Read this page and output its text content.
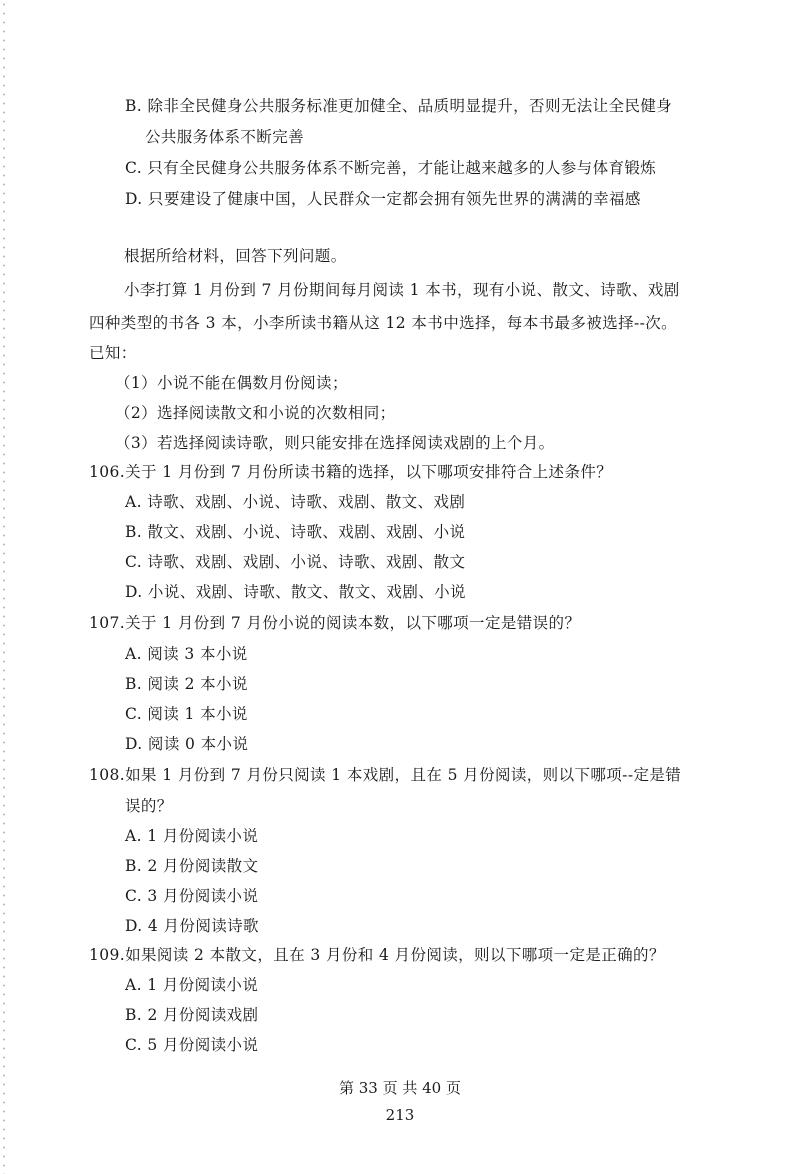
B. 除非全民健身公共服务标准更加健全、品质明显提升，否则无法让全民健身
公共服务体系不断完善
C. 只有全民健身公共服务体系不断完善，才能让越来越多的人参与体育锻炼
D. 只要建设了健康中国，人民群众一定都会拥有领先世界的满满的幸福感
根据所给材料，回答下列问题。
小李打算 1 月份到 7 月份期间每月阅读 1 本书，现有小说、散文、诗歌、戏剧
四种类型的书各 3 本，小李所读书籍从这 12 本书中选择，每本书最多被选择--次。
已知：
（1）小说不能在偶数月份阅读；
（2）选择阅读散文和小说的次数相同；
（3）若选择阅读诗歌，则只能安排在选择阅读戏剧的上个月。
106.关于 1 月份到 7 月份所读书籍的选择，以下哪项安排符合上述条件？
A. 诗歌、戏剧、小说、诗歌、戏剧、散文、戏剧
B. 散文、戏剧、小说、诗歌、戏剧、戏剧、小说
C. 诗歌、戏剧、戏剧、小说、诗歌、戏剧、散文
D. 小说、戏剧、诗歌、散文、散文、戏剧、小说
107.关于 1 月份到 7 月份小说的阅读本数，以下哪项一定是错误的？
A. 阅读 3 本小说
B. 阅读 2 本小说
C. 阅读 1 本小说
D. 阅读 0 本小说
108.如果 1 月份到 7 月份只阅读 1 本戏剧，且在 5 月份阅读，则以下哪项--定是错
误的？
A. 1 月份阅读小说
B. 2 月份阅读散文
C. 3 月份阅读小说
D. 4 月份阅读诗歌
109.如果阅读 2 本散文，且在 3 月份和 4 月份阅读，则以下哪项一定是正确的？
A. 1 月份阅读小说
B. 2 月份阅读戏剧
C. 5 月份阅读小说
第 33 页 共 40 页
213
